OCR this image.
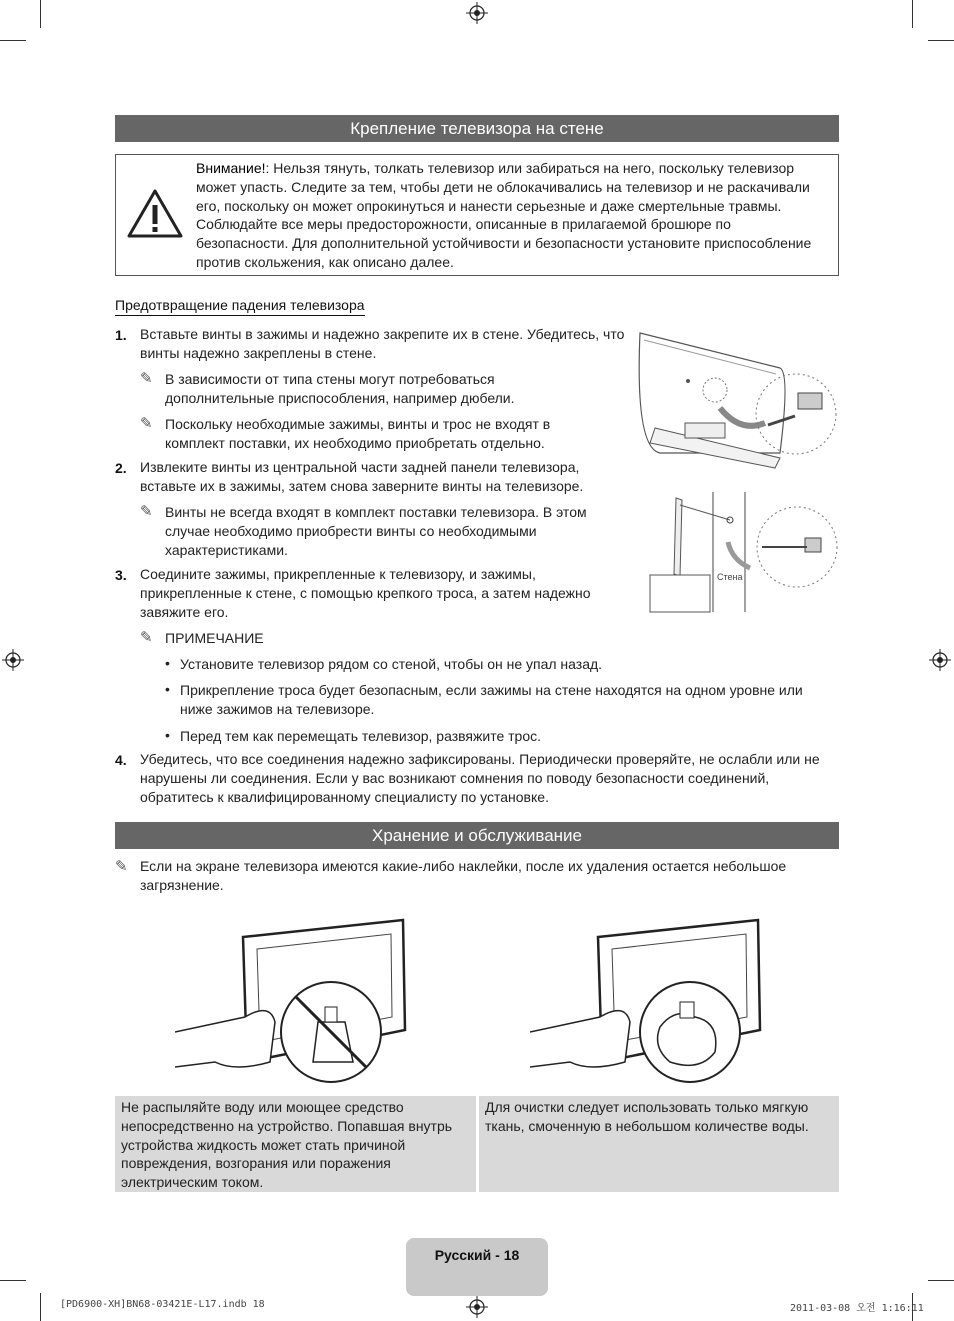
Крепление телевизора на стене
Внимание!: Нельзя тянуть, толкать телевизор или забираться на него, поскольку телевизор может упасть. Следите за тем, чтобы дети не облокачивались на телевизор и не раскачивали его, поскольку он может опрокинуться и нанести серьезные и даже смертельные травмы. Соблюдайте все меры предосторожности, описанные в прилагаемой брошюре по безопасности. Для дополнительной устойчивости и безопасности установите приспособление против скольжения, как описано далее.
Предотвращение падения телевизора
1. Вставьте винты в зажимы и надежно закрепите их в стене. Убедитесь, что винты надежно закреплены в стене.
✎ В зависимости от типа стены могут потребоваться дополнительные приспособления, например дюбели.
✎ Поскольку необходимые зажимы, винты и трос не входят в комплект поставки, их необходимо приобретать отдельно.
2. Извлеките винты из центральной части задней панели телевизора, вставьте их в зажимы, затем снова заверните винты на телевизоре.
✎ Винты не всегда входят в комплект поставки телевизора. В этом случае необходимо приобрести винты со необходимыми характеристиками.
3. Соедините зажимы, прикрепленные к телевизору, и зажимы, прикрепленные к стене, с помощью крепкого троса, а затем надежно завяжите его.
✎ ПРИМЕЧАНИЕ
• Установите телевизор рядом со стеной, чтобы он не упал назад.
• Прикрепление троса будет безопасным, если зажимы на стене находятся на одном уровне или ниже зажимов на телевизоре.
• Перед тем как перемещать телевизор, развяжите трос.
4. Убедитесь, что все соединения надежно зафиксированы. Периодически проверяйте, не ослабли или не нарушены ли соединения. Если у вас возникают сомнения по поводу безопасности соединений, обратитесь к квалифицированному специалисту по установке.
Стена
Хранение и обслуживание
✎ Если на экране телевизора имеются какие-либо наклейки, после их удаления остается небольшое загрязнение.
Не распыляйте воду или моющее средство непосредственно на устройство. Попавшая внутрь устройства жидкость может стать причиной повреждения, возгорания или поражения электрическим током.
Для очистки следует использовать только мягкую ткань, смоченную в небольшом количестве воды.
Русский - 18
[PD6900-XH]BN68-03421E-L17.indb 18	2011-03-08 오전 1:16:11
